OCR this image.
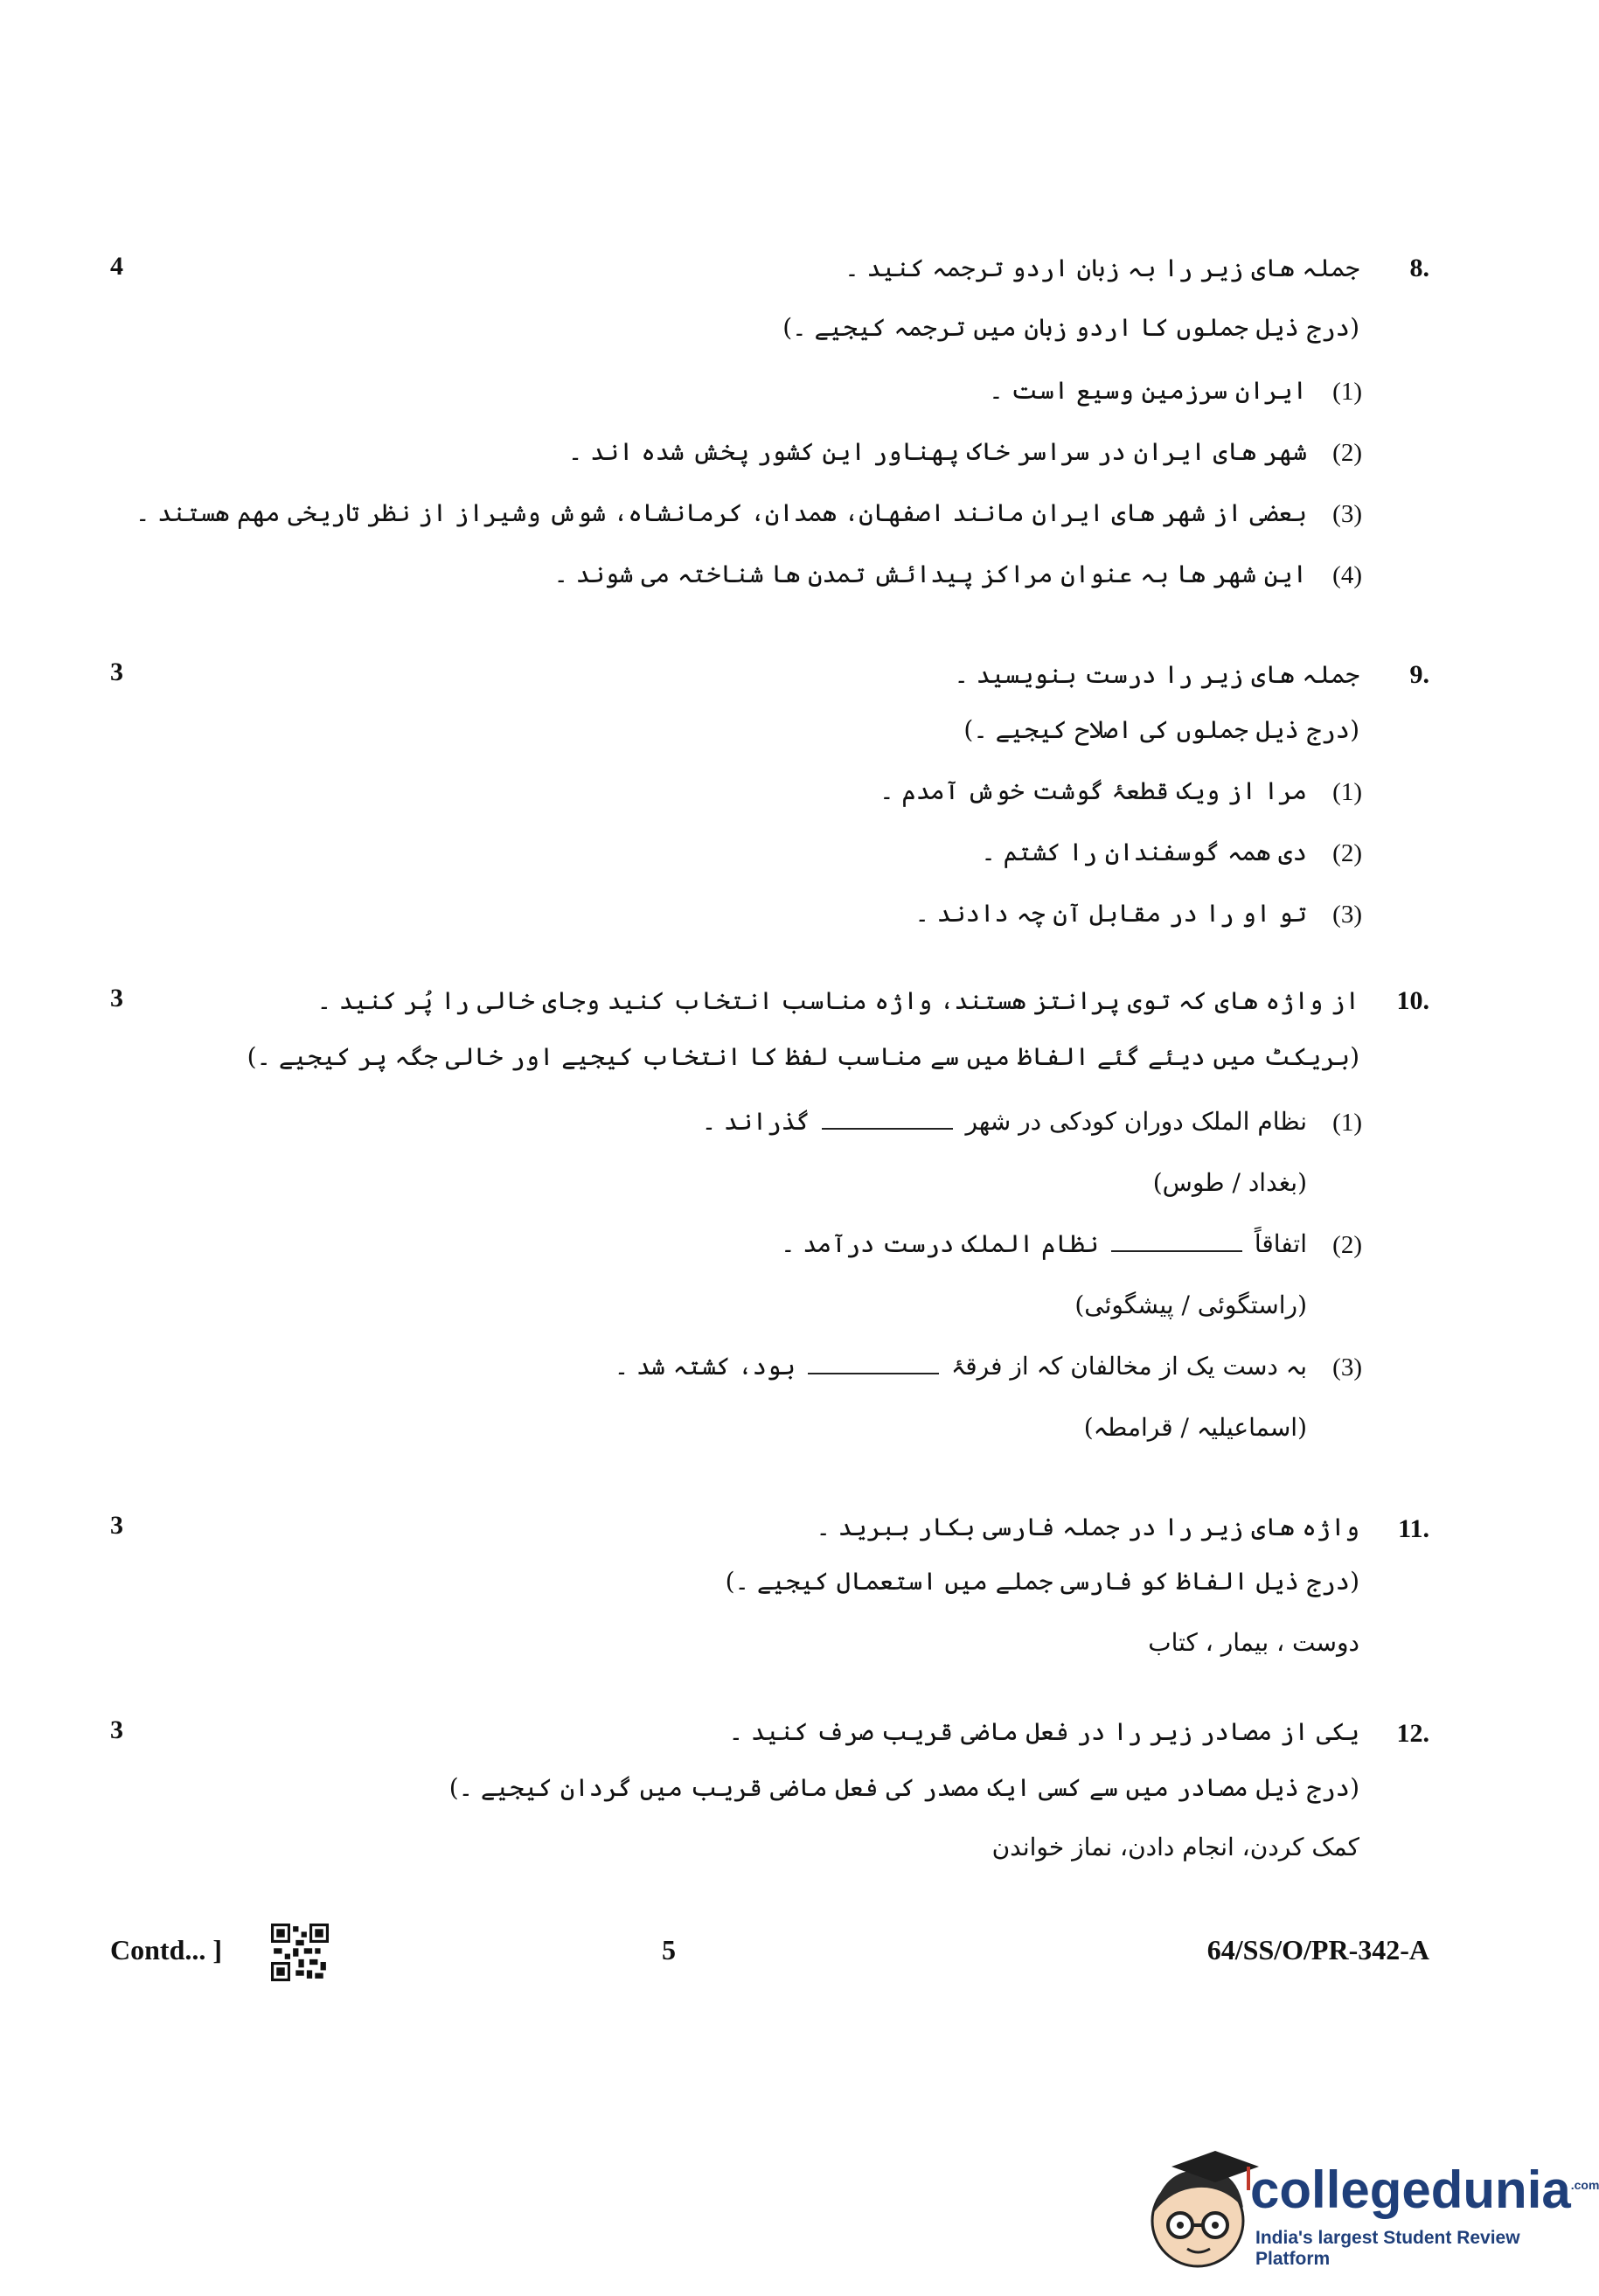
4	8.
جملہ ھای زیر را بہ زبان اردو ترجمہ کنید ۔
(درج ذیل جملوں کا اردو زبان میں ترجمہ کیجیے ۔)
(1)
ایران سرزمین وسیع است ۔
(2)
شھر ھای ایران در سراسر خاک پھناور این کشور پخش شدہ اند ۔
(3)
بعضی از شھر ھای ایران مانند اصفھان، ھمدان، کرمانشاہ، شوش وشیراز از نظر تاریخی مھم ھستند ۔
(4)
این شھر ھا بہ عنوان مراکز پیدائش تمدن ھا شناختہ می شوند ۔
3	9.
جملہ ھای زیر را درست بنویسید ۔
(درج ذیل جملوں کی اصلاح کیجیے ۔)
(1)
مرا از ویک قطعۂ گوشت خوش آمدم ۔
(2)
دی ھمہ گوسفندان را کشتم ۔
(3)
تو او را در مقابل آن چہ دادند ۔
3	10.
از واژہ ھای کہ توی پرانتز ھستند، واژہ مناسب انتخاب کنید وجای خالی را پُر کنید ۔
(بریکٹ میں دیئے گئے الفاظ میں سے مناسب لفظ کا انتخاب کیجیے اور خالی جگہ پر کیجیے ۔)
(1)
نظام الملک دوران کودکی در شھرگذراند ۔
(بغداد / طوس)
(2)
اتفاقاًنظام الملک درست درآمد ۔
(راستگوئی / پیشگوئی)
(3)
بہ دست یک از مخالفان کہ از فرقۂبود، کشتہ شد ۔
(اسماعیلیہ / قرامطہ)
3	11.
واژہ ھای زیر را در جملہ فارسی بکار ببرید ۔
(درج ذیل الفاظ کو فارسی جملے میں استعمال کیجیے ۔)
دوست ، بیمار ، کتاب
3	12.
یکی از مصادر زیر را در فعل ماضی قریب صرف کنید ۔
(درج ذیل مصادر میں سے کسی ایک مصدر کی فعل ماضی قریب میں گردان کیجیے ۔)
کمک کردن، انجام دادن، نماز خواندن
Contd... ]	5	64/SS/O/PR-342-A
collegedunia$^{.com}$
India's largest Student Review Platform
